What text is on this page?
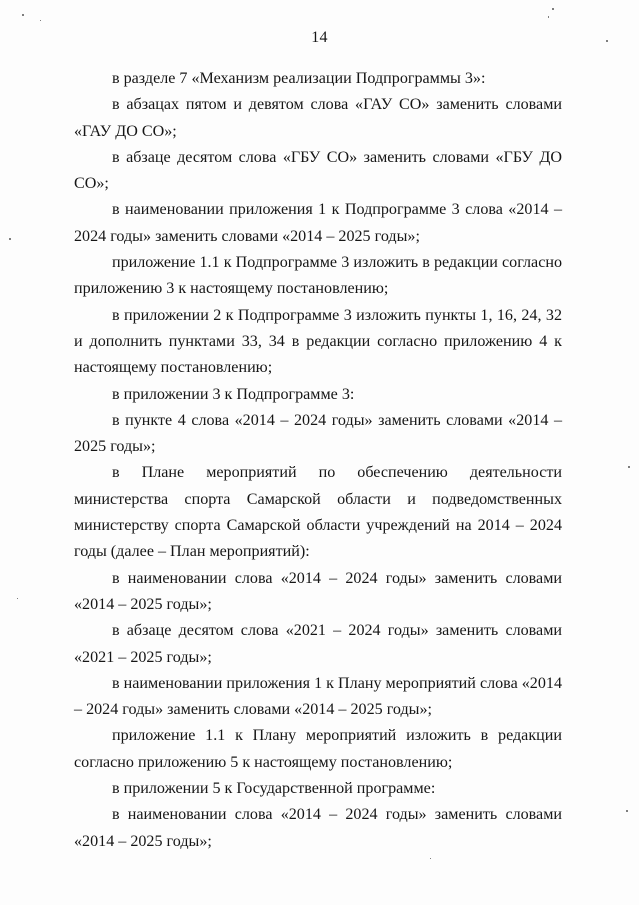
14

в разделе 7 «Механизм реализации Подпрограммы 3»:

в абзацах пятом и девятом слова «ГАУ СО» заменить словами «ГАУ ДО СО»;

в абзаце десятом слова «ГБУ СО» заменить словами «ГБУ ДО СО»;

в наименовании приложения 1 к Подпрограмме 3 слова «2014 – 2024 годы» заменить словами «2014 – 2025 годы»;

приложение 1.1 к Подпрограмме 3 изложить в редакции согласно приложению 3 к настоящему постановлению;

в приложении 2 к Подпрограмме 3 изложить пункты 1, 16, 24, 32 и дополнить пунктами 33, 34 в редакции согласно приложению 4 к настоящему постановлению;

в приложении 3 к Подпрограмме 3:

в пункте 4 слова «2014 – 2024 годы» заменить словами «2014 – 2025 годы»;

в Плане мероприятий по обеспечению деятельности министерства спорта Самарской области и подведомственных министерству спорта Самарской области учреждений на 2014 – 2024 годы (далее – План мероприятий):

в наименовании слова «2014 – 2024 годы» заменить словами «2014 – 2025 годы»;

в абзаце десятом слова «2021 – 2024 годы» заменить словами «2021 – 2025 годы»;

в наименовании приложения 1 к Плану мероприятий слова «2014 – 2024 годы» заменить словами «2014 – 2025 годы»;

приложение 1.1 к Плану мероприятий изложить в редакции согласно приложению 5 к настоящему постановлению;

в приложении 5 к Государственной программе:

в наименовании слова «2014 – 2024 годы» заменить словами «2014 – 2025 годы»;
